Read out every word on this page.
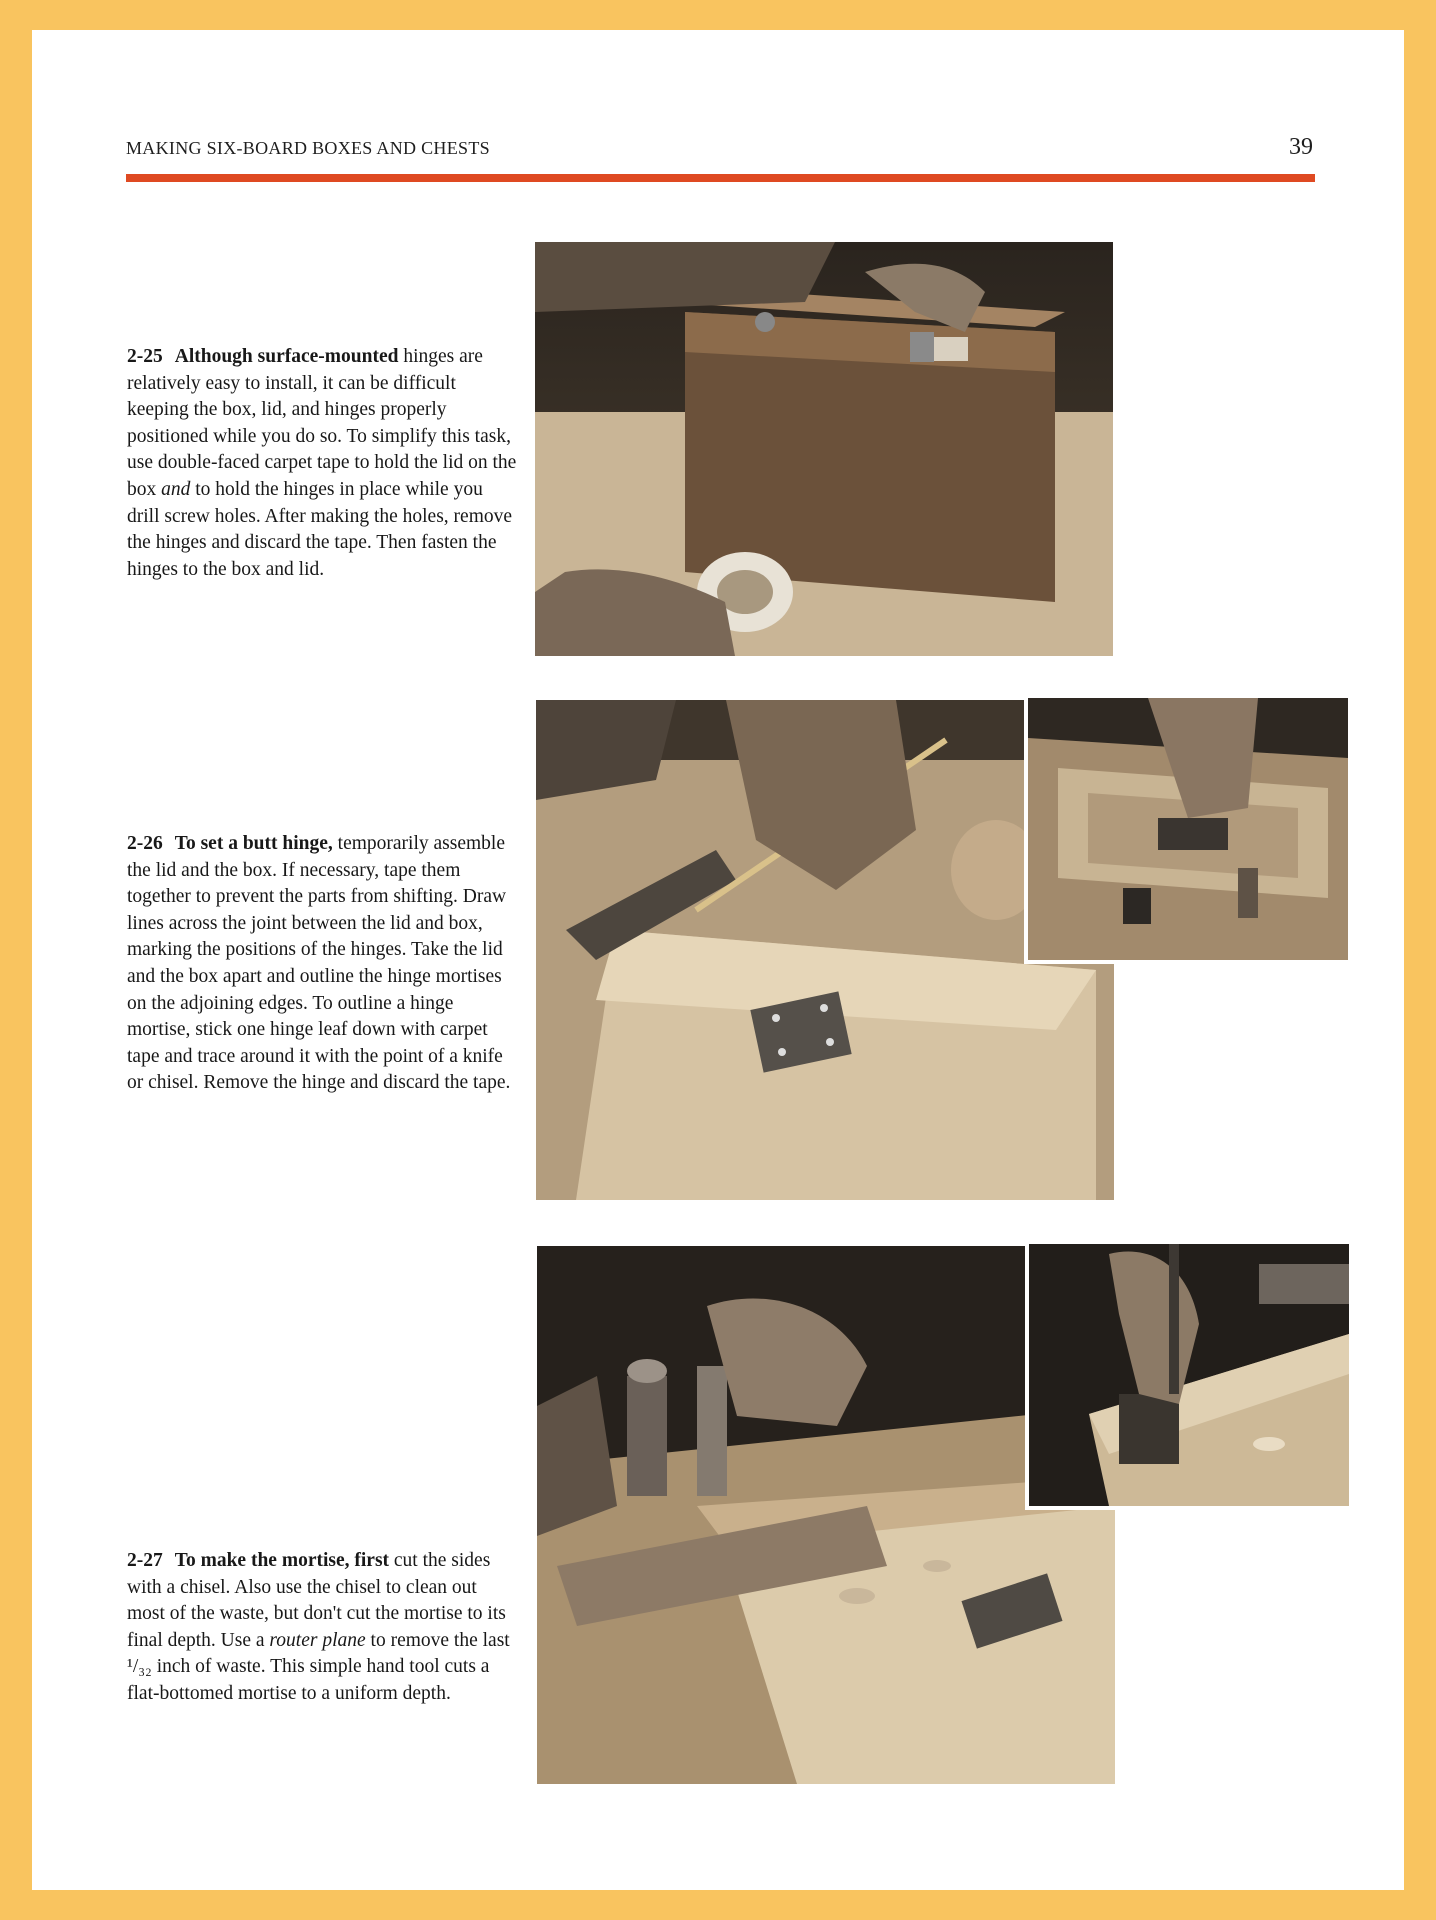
MAKING SIX-BOARD BOXES AND CHESTS	39

2-25 Although surface-mounted hinges are relatively easy to install, it can be difficult keeping the box, lid, and hinges properly positioned while you do so. To simplify this task, use double-faced carpet tape to hold the lid on the box and to hold the hinges in place while you drill screw holes. After making the holes, remove the hinges and discard the tape. Then fasten the hinges to the box and lid.

2-26 To set a butt hinge, temporarily assemble the lid and the box. If necessary, tape them together to prevent the parts from shifting. Draw lines across the joint between the lid and box, marking the positions of the hinges. Take the lid and the box apart and outline the hinge mortises on the adjoining edges. To outline a hinge mortise, stick one hinge leaf down with carpet tape and trace around it with the point of a knife or chisel. Remove the hinge and discard the tape.

2-27 To make the mortise, first cut the sides with a chisel. Also use the chisel to clean out most of the waste, but don't cut the mortise to its final depth. Use a router plane to remove the last ¹/₃₂ inch of waste. This simple hand tool cuts a flat-bottomed mortise to a uniform depth.
